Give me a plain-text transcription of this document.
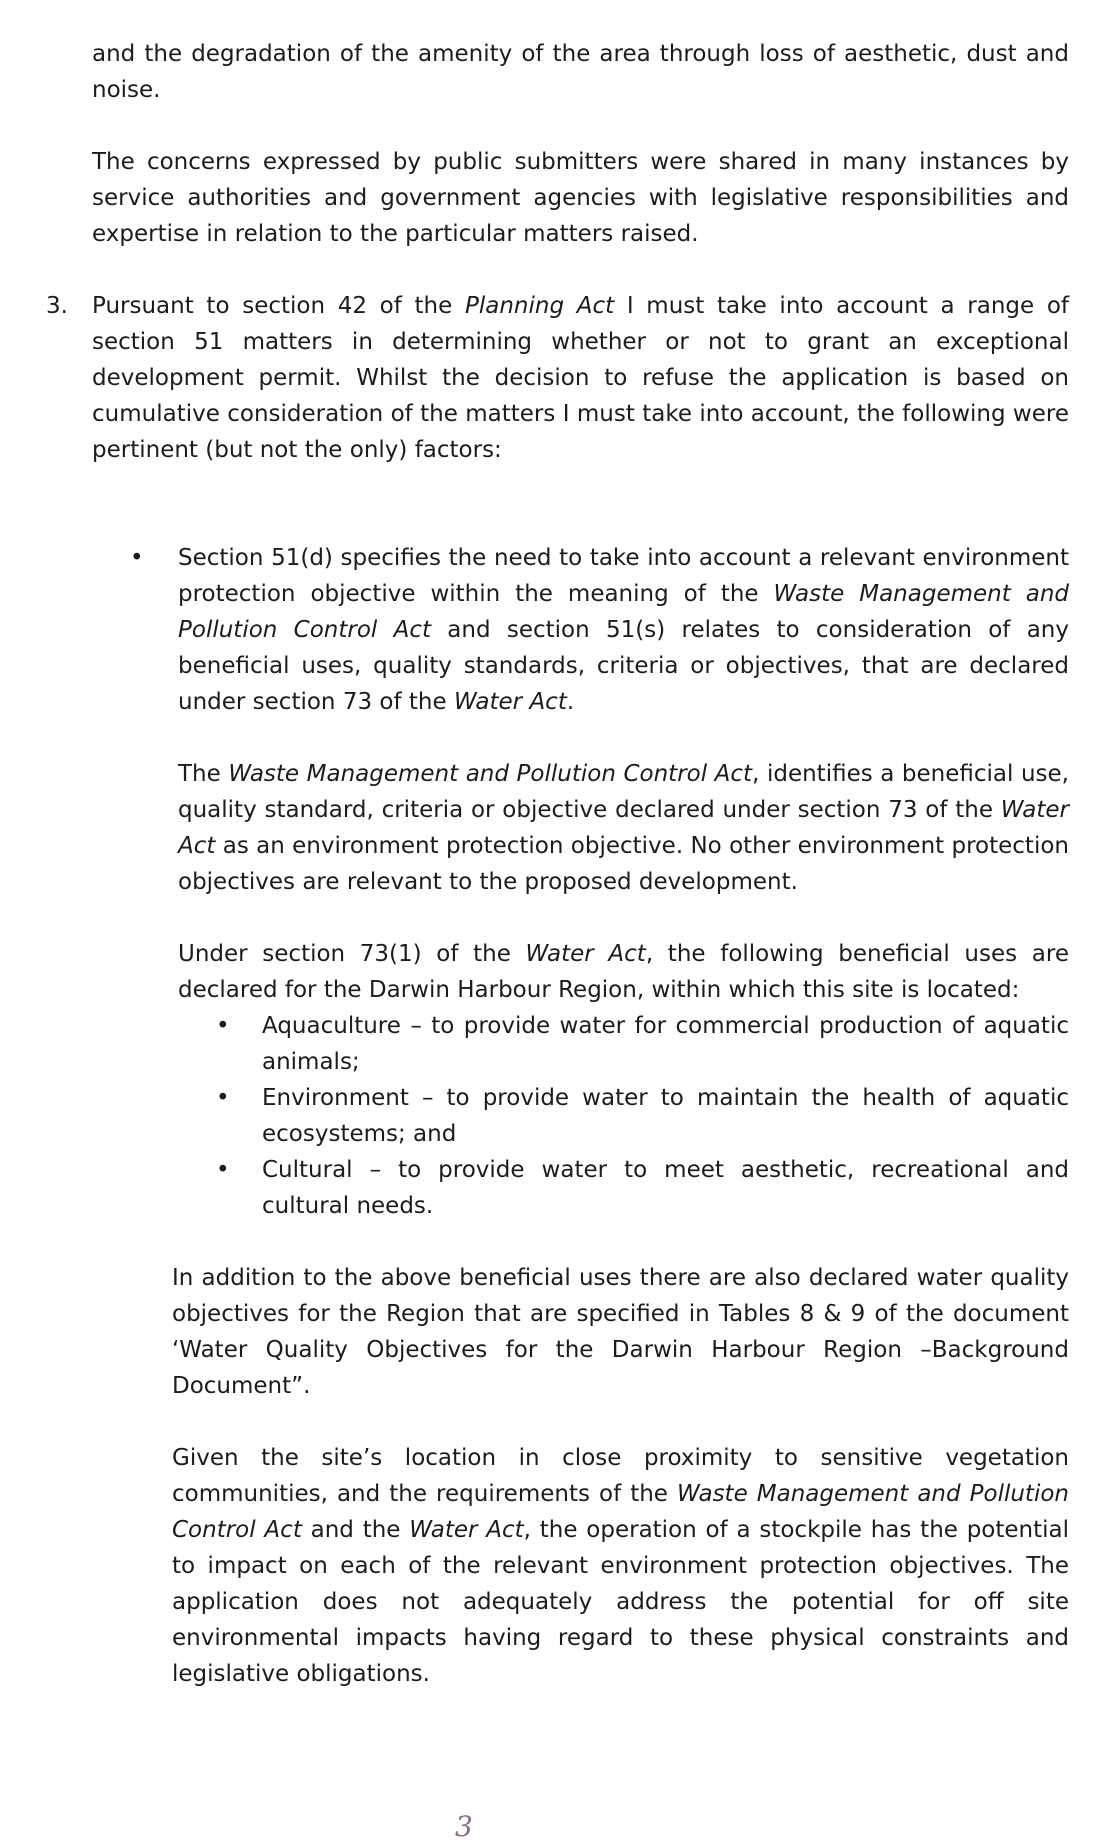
and the degradation of the amenity of the area through loss of aesthetic, dust and noise.

The concerns expressed by public submitters were shared in many instances by service authorities and government agencies with legislative responsibilities and expertise in relation to the particular matters raised.

3. Pursuant to section 42 of the Planning Act I must take into account a range of section 51 matters in determining whether or not to grant an exceptional development permit. Whilst the decision to refuse the application is based on cumulative consideration of the matters I must take into account, the following were pertinent (but not the only) factors:

• Section 51(d) specifies the need to take into account a relevant environment protection objective within the meaning of the Waste Management and Pollution Control Act and section 51(s) relates to consideration of any beneficial uses, quality standards, criteria or objectives, that are declared under section 73 of the Water Act.

The Waste Management and Pollution Control Act, identifies a beneficial use, quality standard, criteria or objective declared under section 73 of the Water Act as an environment protection objective. No other environment protection objectives are relevant to the proposed development.

Under section 73(1) of the Water Act, the following beneficial uses are declared for the Darwin Harbour Region, within which this site is located:

• Aquaculture – to provide water for commercial production of aquatic animals;
• Environment – to provide water to maintain the health of aquatic ecosystems; and
• Cultural – to provide water to meet aesthetic, recreational and cultural needs.

In addition to the above beneficial uses there are also declared water quality objectives for the Region that are specified in Tables 8 & 9 of the document ‘Water Quality Objectives for the Darwin Harbour Region –Background Document”.

Given the site’s location in close proximity to sensitive vegetation communities, and the requirements of the Waste Management and Pollution Control Act and the Water Act, the operation of a stockpile has the potential to impact on each of the relevant environment protection objectives. The application does not adequately address the potential for off site environmental impacts having regard to these physical constraints and legislative obligations.

3
